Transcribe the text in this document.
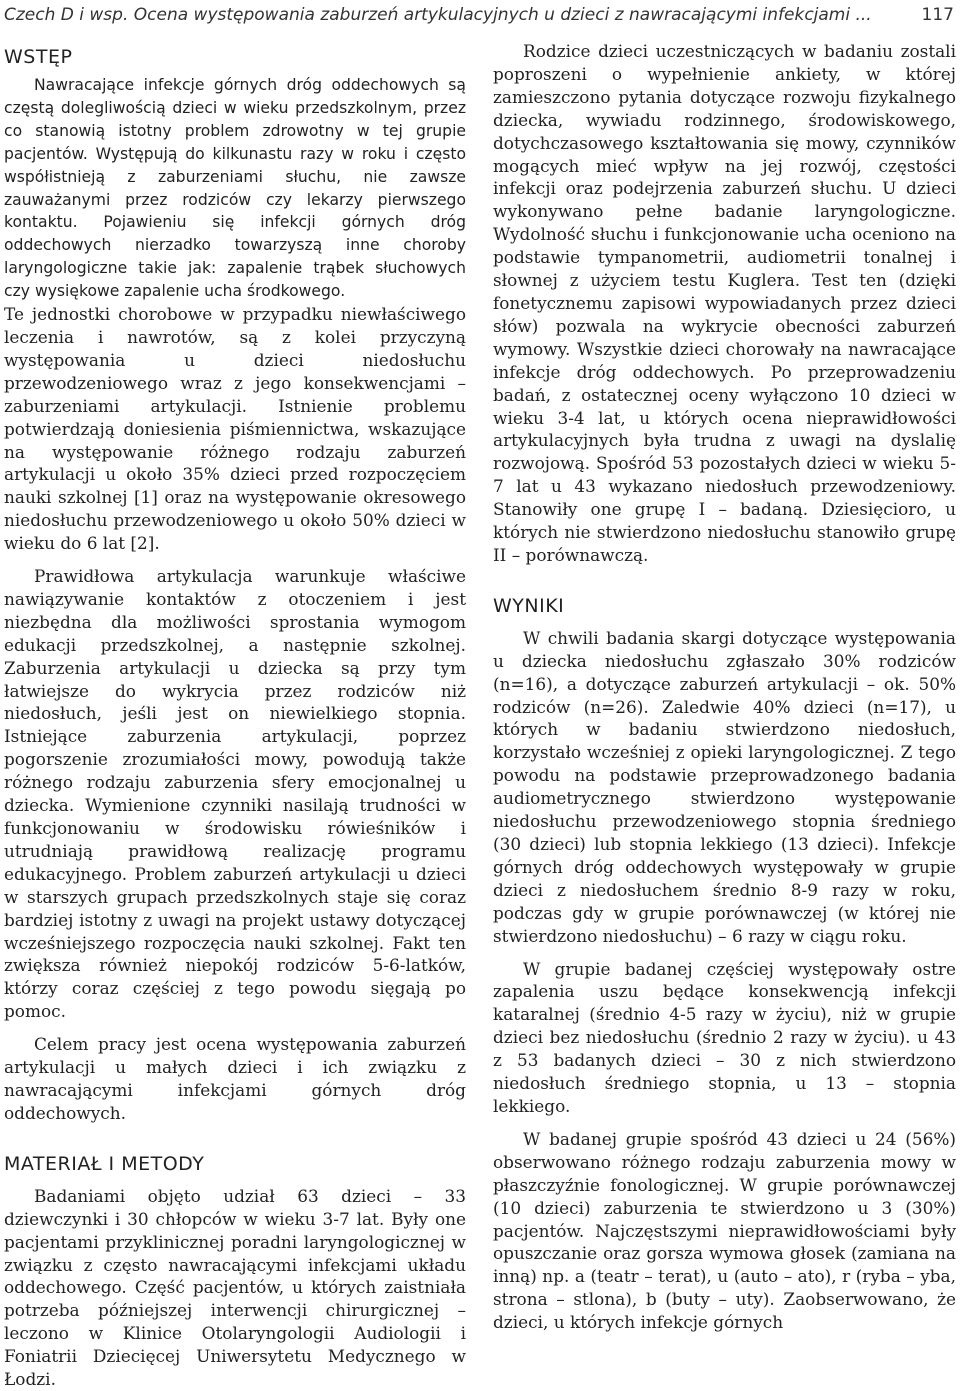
Czech D i wsp. Ocena występowania zaburzeń artykulacyjnych u dzieci z nawracającymi infekcjami ...	117
WSTĘP

Nawracające infekcje górnych dróg oddechowych są częstą dolegliwością dzieci w wieku przedszkolnym, przez co stanowią istotny problem zdrowotny w tej grupie pacjentów. Występują do kilkunastu razy w roku i często współistnieją z zaburzeniami słuchu, nie zawsze zauważanymi przez rodziców czy lekarzy pierwszego kontaktu. Pojawieniu się infekcji górnych dróg oddechowych nierzadko towarzyszą inne choroby laryngologiczne takie jak: zapalenie trąbek słuchowych czy wysiękowe zapalenie ucha środkowego.

Te jednostki chorobowe w przypadku niewłaściwego leczenia i nawrotów, są z kolei przyczyną występowania u dzieci niedosłuchu przewodzeniowego wraz z jego konsekwencjami – zaburzeniami artykulacji. Istnienie problemu potwierdzają doniesienia piśmiennictwa, wskazujące na występowanie różnego rodzaju zaburzeń artykulacji u około 35% dzieci przed rozpoczęciem nauki szkolnej [1] oraz na występowanie okresowego niedosłuchu przewodzeniowego u około 50% dzieci w wieku do 6 lat [2].

Prawidłowa artykulacja warunkuje właściwe nawiązywanie kontaktów z otoczeniem i jest niezbędna dla możliwości sprostania wymogom edukacji przedszkolnej, a następnie szkolnej. Zaburzenia artykulacji u dziecka są przy tym łatwiejsze do wykrycia przez rodziców niż niedosłuch, jeśli jest on niewielkiego stopnia. Istniejące zaburzenia artykulacji, poprzez pogorszenie zrozumiałości mowy, powodują także różnego rodzaju zaburzenia sfery emocjonalnej u dziecka. Wymienione czynniki nasilają trudności w funkcjonowaniu w środowisku rówieśników i utrudniają prawidłową realizację programu edukacyjnego. Problem zaburzeń artykulacji u dzieci w starszych grupach przedszkolnych staje się coraz bardziej istotny z uwagi na projekt ustawy dotyczącej wcześniejszego rozpoczęcia nauki szkolnej. Fakt ten zwiększa również niepokój rodziców 5-6-latków, którzy coraz częściej z tego powodu sięgają po pomoc.

Celem pracy jest ocena występowania zaburzeń artykulacji u małych dzieci i ich związku z nawracającymi infekcjami górnych dróg oddechowych.

MATERIAŁ I METODY

Badaniami objęto udział 63 dzieci – 33 dziewczynki i 30 chłopców w wieku 3-7 lat. Były one pacjentami przyklinicznej poradni laryngologicznej w związku z często nawracającymi infekcjami układu oddechowego. Część pacjentów, u których zaistniała potrzeba późniejszej interwencji chirurgicznej – leczono w Klinice Otolaryngologii Audiologii i Foniatrii Dziecięcej Uniwersytetu Medycznego w Łodzi.

Rodzice dzieci uczestniczących w badaniu zostali poproszeni o wypełnienie ankiety, w której zamieszczono pytania dotyczące rozwoju fizykalnego dziecka, wywiadu rodzinnego, środowiskowego, dotychczasowego kształtowania się mowy, czynników mogących mieć wpływ na jej rozwój, częstości infekcji oraz podejrzenia zaburzeń słuchu. U dzieci wykonywano pełne badanie laryngologiczne. Wydolność słuchu i funkcjonowanie ucha oceniono na podstawie tympanometrii, audiometrii tonalnej i słownej z użyciem testu Kuglera. Test ten (dzięki fonetycznemu zapisowi wypowiadanych przez dzieci słów) pozwala na wykrycie obecności zaburzeń wymowy. Wszystkie dzieci chorowały na nawracające infekcje dróg oddechowych. Po przeprowadzeniu badań, z ostatecznej oceny wyłączono 10 dzieci w wieku 3-4 lat, u których ocena nieprawidłowości artykulacyjnych była trudna z uwagi na dyslalię rozwojową. Spośród 53 pozostałych dzieci w wieku 5-7 lat u 43 wykazano niedosłuch przewodzeniowy. Stanowiły one grupę I – badaną. Dziesięcioro, u których nie stwierdzono niedosłuchu stanowiło grupę II – porównawczą.

WYNIKI

W chwili badania skargi dotyczące występowania u dziecka niedosłuchu zgłaszało 30% rodziców (n=16), a dotyczące zaburzeń artykulacji – ok. 50% rodziców (n=26). Zaledwie 40% dzieci (n=17), u których w badaniu stwierdzono niedosłuch, korzystało wcześniej z opieki laryngologicznej. Z tego powodu na podstawie przeprowadzonego badania audiometrycznego stwierdzono występowanie niedosłuchu przewodzeniowego stopnia średniego (30 dzieci) lub stopnia lekkiego (13 dzieci). Infekcje górnych dróg oddechowych występowały w grupie dzieci z niedosłuchem średnio 8-9 razy w roku, podczas gdy w grupie porównawczej (w której nie stwierdzono niedosłuchu) – 6 razy w ciągu roku.

W grupie badanej częściej występowały ostre zapalenia uszu będące konsekwencją infekcji kataralnej (średnio 4-5 razy w życiu), niż w grupie dzieci bez niedosłuchu (średnio 2 razy w życiu). u 43 z 53 badanych dzieci – 30 z nich stwierdzono niedosłuch średniego stopnia, u 13 – stopnia lekkiego.

W badanej grupie spośród 43 dzieci u 24 (56%) obserwowano różnego rodzaju zaburzenia mowy w płaszczyźnie fonologicznej. W grupie porównawczej (10 dzieci) zaburzenia te stwierdzono u 3 (30%) pacjentów. Najczęstszymi nieprawidłowościami były opuszczanie oraz gorsza wymowa głosek (zamiana na inną) np. a (teatr – terat), u (auto – ato), r (ryba – yba, strona – stlona), b (buty – uty). Zaobserwowano, że dzieci, u których infekcje górnych
